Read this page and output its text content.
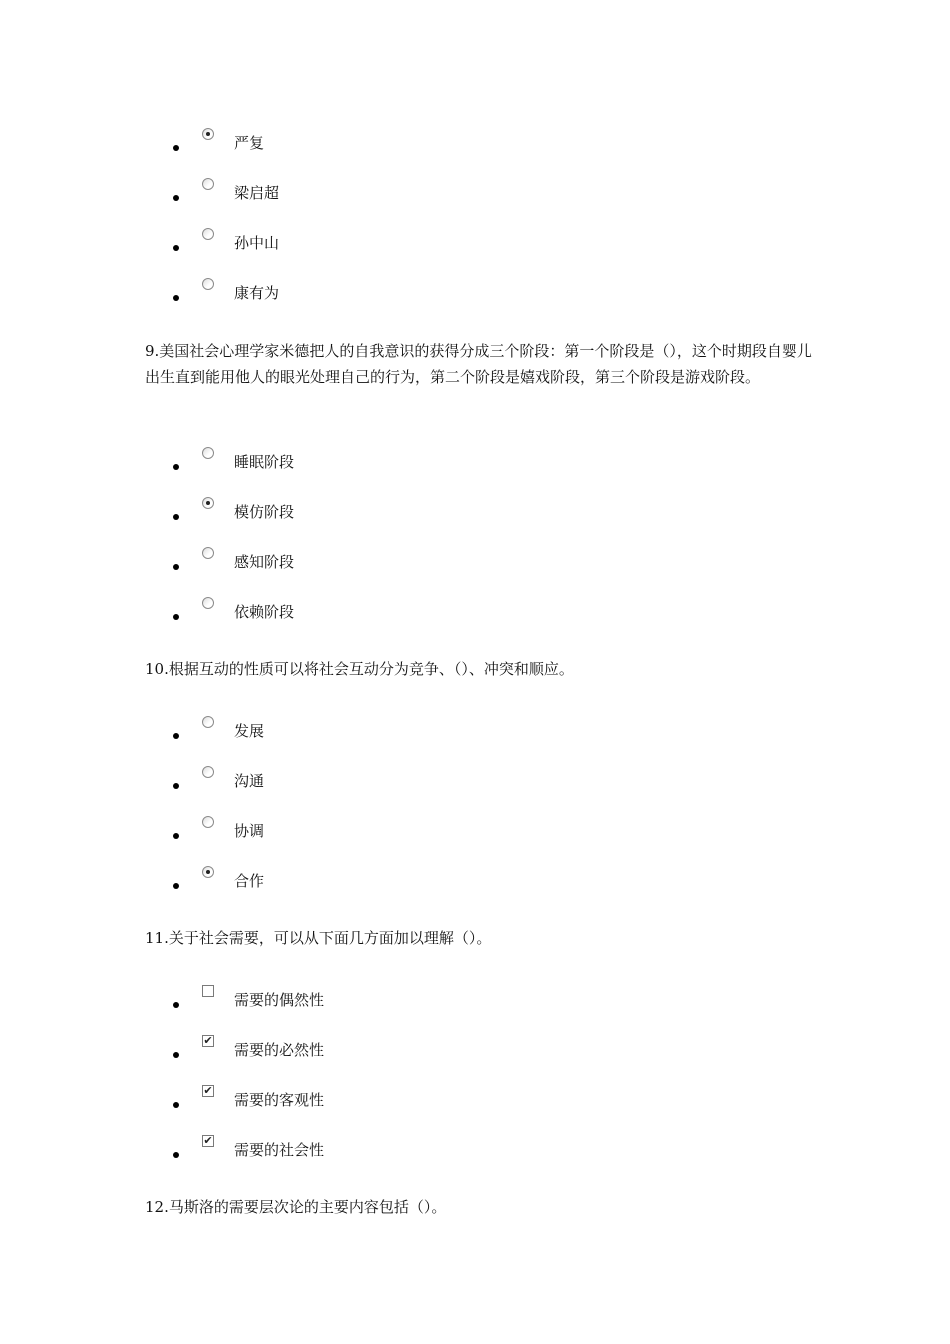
严复
梁启超
孙中山
康有为

9.美国社会心理学家米德把人的自我意识的获得分成三个阶段：第一个阶段是（），这个时期段自婴儿出生直到能用他人的眼光处理自己的行为，第二个阶段是嬉戏阶段，第三个阶段是游戏阶段。

睡眠阶段
模仿阶段
感知阶段
依赖阶段

10.根据互动的性质可以将社会互动分为竞争、（）、冲突和顺应。

发展
沟通
协调
合作

11.关于社会需要，可以从下面几方面加以理解（）。

需要的偶然性
✔
需要的必然性
✔
需要的客观性
✔
需要的社会性

12.马斯洛的需要层次论的主要内容包括（）。
